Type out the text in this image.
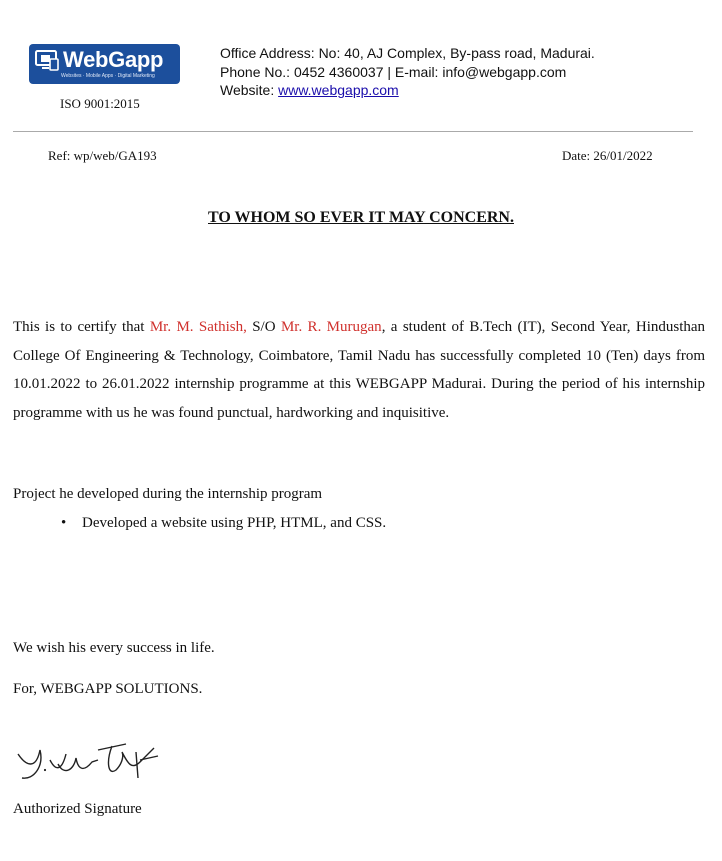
WebGapp
Websites · Mobile Apps · Digital Marketing
ISO 9001:2015
Office Address: No: 40, AJ Complex, By-pass road, Madurai.
Phone No.: 0452 4360037 | E-mail: info@webgapp.com
Website: www.webgapp.com
Ref: wp/web/GA193	Date: 26/01/2022
TO WHOM SO EVER IT MAY CONCERN.
This is to certify that Mr. M. Sathish, S/O Mr. R. Murugan, a student of B.Tech (IT), Second Year, Hindusthan College Of Engineering & Technology, Coimbatore, Tamil Nadu has successfully completed 10 (Ten) days from 10.01.2022 to 26.01.2022 internship programme at this WEBGAPP Madurai. During the period of his internship programme with us he was found punctual, hardworking and inquisitive.
Project he developed during the internship program
• Developed a website using PHP, HTML, and CSS.
We wish his every success in life.
For, WEBGAPP SOLUTIONS.
Authorized Signature
